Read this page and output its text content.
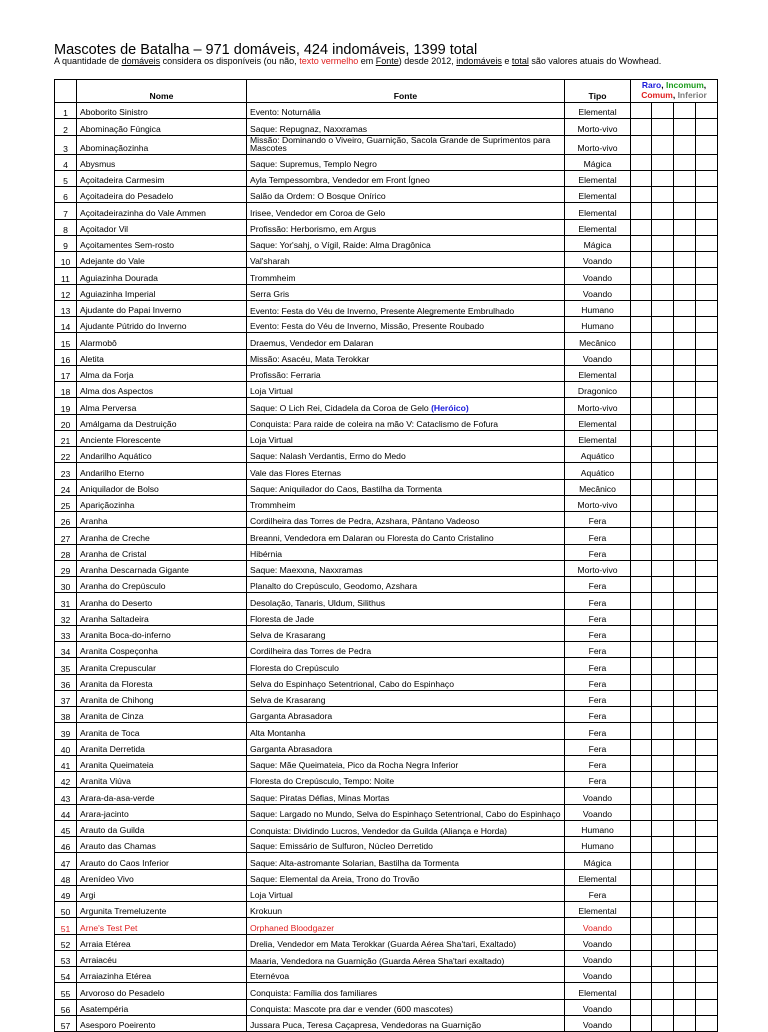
Mascotes de Batalha – 971 domáveis, 424 indomáveis, 1399 total
A quantidade de domáveis considera os disponíveis (ou não, texto vermelho em Fonte) desde 2012, indomáveis e total são valores atuais do Wowhead.
	Nome	Fonte	Tipo	Raro, Incomum,
Comum, Inferior			
1	Aboborito Sinistro	Evento: Noturnália	Elemental				
2	Abominação Fúngica	Saque: Repugnaz, Naxxramas	Morto-vivo				
3	Abominaçãozinha	Missão: Dominando o Viveiro, Guarnição, Sacola Grande de Suprimentos para Mascotes	Morto-vivo				
4	Abysmus	Saque: Supremus, Templo Negro	Mágica				
5	Açoitadeira Carmesim	Ayla Tempessombra, Vendedor em Front Ígneo	Elemental				
6	Açoitadeira do Pesadelo	Salão da Ordem: O Bosque Onírico	Elemental				
7	Açoitadeirazinha do Vale Ammen	Irisee, Vendedor em Coroa de Gelo	Elemental				
8	Açoitador Vil	Profissão: Herborismo, em Argus	Elemental				
9	Açoitamentes Sem-rosto	Saque: Yor'sahj, o Vígil, Raide: Alma Dragônica	Mágica				
10	Adejante do Vale	Val'sharah	Voando				
11	Aguiazinha Dourada	Trommheim	Voando				
12	Aguiazinha Imperial	Serra Gris	Voando				
13	Ajudante do Papai Inverno	Evento: Festa do Véu de Inverno, Presente Alegremente Embrulhado	Humano				
14	Ajudante Pútrido do Inverno	Evento: Festa do Véu de Inverno, Missão, Presente Roubado	Humano				
15	Alarmobô	Draemus, Vendedor em Dalaran	Mecânico				
16	Aletita	Missão: Asacéu, Mata Terokkar	Voando				
17	Alma da Forja	Profissão: Ferraria	Elemental				
18	Alma dos Aspectos	Loja Virtual	Dragonico				
19	Alma Perversa	Saque: O Lich Rei, Cidadela da Coroa de Gelo (Heróico)	Morto-vivo				
20	Amálgama da Destruição	Conquista: Para raide de coleira na mão V: Cataclismo de Fofura	Elemental				
21	Anciente Florescente	Loja Virtual	Elemental				
22	Andarilho Aquático	Saque: Nalash Verdantis, Ermo do Medo	Aquático				
23	Andarilho Eterno	Vale das Flores Eternas	Aquático				
24	Aniquilador de Bolso	Saque: Aniquilador do Caos, Bastilha da Tormenta	Mecânico				
25	Apariçãozinha	Trommheim	Morto-vivo				
26	Aranha	Cordilheira das Torres de Pedra, Azshara, Pântano Vadeoso	Fera				
27	Aranha de Creche	Breanni, Vendedora em Dalaran ou Floresta do Canto Cristalino	Fera				
28	Aranha de Cristal	Hibérnia	Fera				
29	Aranha Descarnada Gigante	Saque: Maexxna, Naxxramas	Morto-vivo				
30	Aranha do Crepúsculo	Planalto do Crepúsculo, Geodomo, Azshara	Fera				
31	Aranha do Deserto	Desolação, Tanaris, Uldum, Silithus	Fera				
32	Aranha Saltadeira	Floresta de Jade	Fera				
33	Aranita Boca-do-inferno	Selva de Krasarang	Fera				
34	Aranita Cospeçonha	Cordilheira das Torres de Pedra	Fera				
35	Aranita Crepuscular	Floresta do Crepúsculo	Fera				
36	Aranita da Floresta	Selva do Espinhaço Setentrional, Cabo do Espinhaço	Fera				
37	Aranita de Chihong	Selva de Krasarang	Fera				
38	Aranita de Cinza	Garganta Abrasadora	Fera				
39	Aranita de Toca	Alta Montanha	Fera				
40	Aranita Derretida	Garganta Abrasadora	Fera				
41	Aranita Queimateia	Saque: Mãe Queimateia, Pico da Rocha Negra Inferior	Fera				
42	Aranita Viúva	Floresta do Crepúsculo, Tempo: Noite	Fera				
43	Arara-da-asa-verde	Saque: Piratas Défias, Minas Mortas	Voando				
44	Arara-jacinto	Saque: Largado no Mundo, Selva do Espinhaço Setentrional, Cabo do Espinhaço	Voando				
45	Arauto da Guilda	Conquista: Dividindo Lucros, Vendedor da Guilda (Aliança e Horda)	Humano				
46	Arauto das Chamas	Saque: Emissário de Sulfuron, Núcleo Derretido	Humano				
47	Arauto do Caos Inferior	Saque: Alta-astromante Solarian, Bastilha da Tormenta	Mágica				
48	Arenídeo Vivo	Saque: Elemental da Areia, Trono do Trovão	Elemental				
49	Argi	Loja Virtual	Fera				
50	Argunita Tremeluzente	Krokuun	Elemental				
51	Arne's Test Pet	Orphaned Bloodgazer	Voando				
52	Arraia Etérea	Drelia, Vendedor em Mata Terokkar (Guarda Aérea Sha'tari, Exaltado)	Voando				
53	Arraiacéu	Maaria, Vendedora na Guarnição (Guarda Aérea Sha'tari exaltado)	Voando				
54	Arraiazinha Etérea	Eternévoa	Voando				
55	Arvoroso do Pesadelo	Conquista: Família dos familiares	Elemental				
56	Asatempéria	Conquista: Mascote pra dar e vender (600 mascotes)	Voando				
57	Asesporo Poeirento	Jussara Puca, Teresa Caçapresa, Vendedoras na Guarnição	Voando				
